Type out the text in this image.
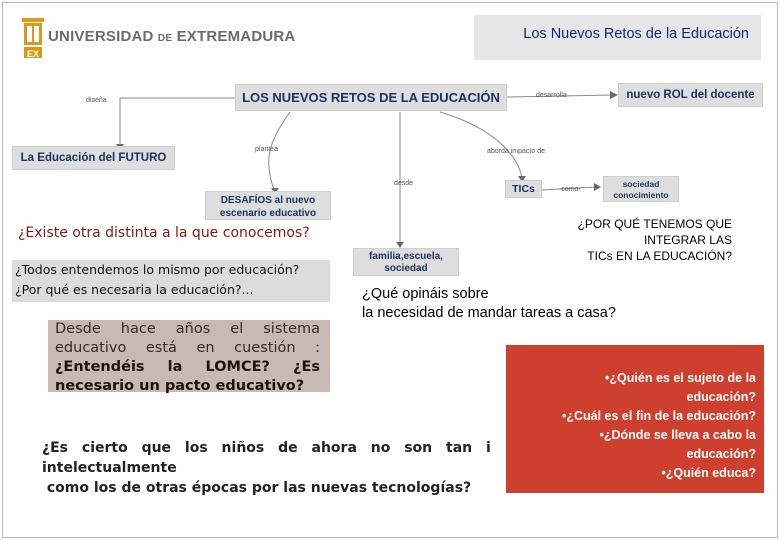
UNIVERSIDAD DE EXTREMADURA
EX
Los Nuevos Retos de la Educación
LOS NUEVOS RETOS DE LA EDUCACIÓN
La Educación del FUTURO
nuevo ROL del docente
DESAFÍOS al nuevo
escenario educativo
TICs	sociedad
conocimiento
familia,escuela,
sociedad
diseña
desarrolla
plantea	aborda impacto de
desde
-como-
¿Existe otra distinta a la que conocemos?
¿Todos entendemos lo mismo por educación?
¿Por qué es necesaria la educación?...
Desde hace años el sistema educativo está en cuestión : ¿Entendéis la LOMCE? ¿Es necesario un pacto educativo?
¿POR QUÉ TENEMOS QUE
INTEGRAR LAS
TICs EN LA EDUCACIÓN?
¿Qué opináis sobre
la necesidad de mandar tareas a casa?
¿Es cierto que los niños de ahora no son tan i
intelectualmente
como los de otras épocas por las nuevas tecnologías?
•¿Quién es el sujeto de la
educación?
•¿Cuál es el fin de la educación?
•¿Dónde se lleva a cabo la
educación?
•¿Quién educa?
